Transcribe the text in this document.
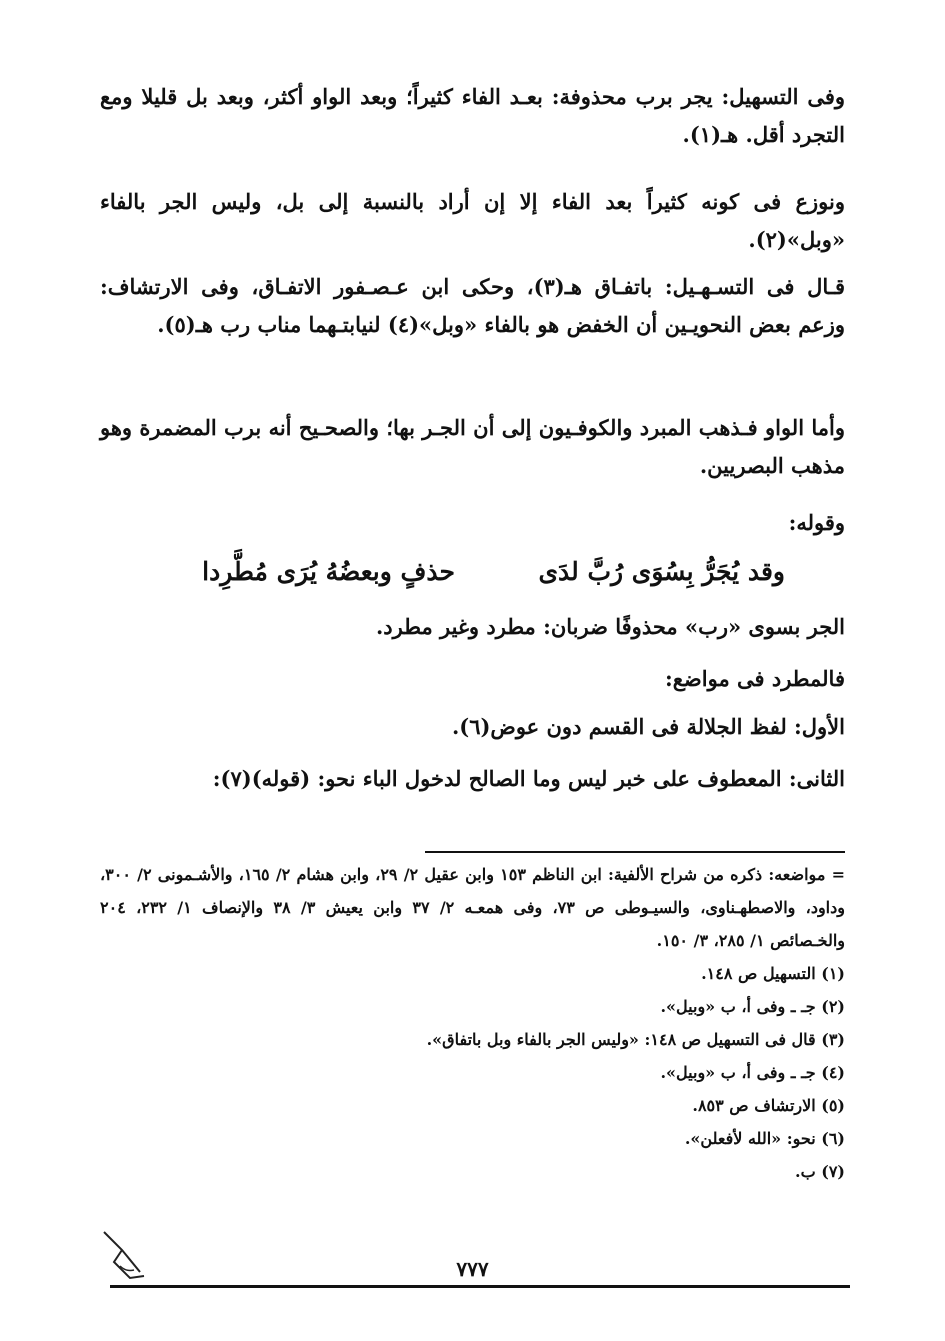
وفى التسهيل: يجر برب محذوفة: بعـد الفاء كثيراً؛ وبعد الواو أكثر، وبعد بل قليلا ومع التجرد أقل. هـ(١).

ونوزع فى كونه كثيراً بعد الفاء إلا إن أراد بالنسبة إلى بل، وليس الجر بالفاء «وبل»(٢).

قـال فى التسـهـيل: باتفـاق هـ(٣)، وحكى ابن عـصـفور الاتفـاق، وفى الارتشاف: وزعم بعض النحويـين أن الخفض هو بالفاء «وبل»(٤) لنيابتـهما مناب رب هـ(٥).

وأما الواو فـذهب المبرد والكوفـيون إلى أن الجـر بها؛ والصحـيح أنه برب المضمرة وهو مذهب البصريين.

وقوله:

وقد يُجَرُّ بِسُوَى رُبَّ لدَى
حذفٍ وبعضُهُ يُرَى مُطَّرِدا

الجر بسوى «رب» محذوفًا ضربان: مطرد وغير مطرد.

فالمطرد فى مواضع:

الأول: لفظ الجلالة فى القسم دون عوض(٦).

الثانى: المعطوف على خبر ليس وما الصالح لدخول الباء نحو: (قوله)(٧):

= مواضعه: ذكره من شراح الألفية: ابن الناظم ١٥٣ وابن عقيل ٢/ ٢٩، وابن هشام ٢/ ١٦٥، والأشـمونى ٢/ ٣٠٠، وداود، والاصطهـناوى، والسيـوطى ص ٧٣، وفى همعـه ٢/ ٣٧ وابن يعيش ٣/ ٣٨ والإنصاف ١/ ٢٣٢، ٢٠٤ والخـصائص ١/ ٢٨٥، ٣/ ١٥٠.
(١) التسهيل ص ١٤٨.
(٢) جـ ـ وفى أ، ب «وبيل».
(٣) قال فى التسهيل ص ١٤٨: «وليس الجر بالفاء وبل باتفاق».
(٤) جـ ـ وفى أ، ب «وبيل».
(٥) الارتشاف ص ٨٥٣.
(٦) نحو: «الله لأفعلن».
(٧) ب.
٧٧٧
